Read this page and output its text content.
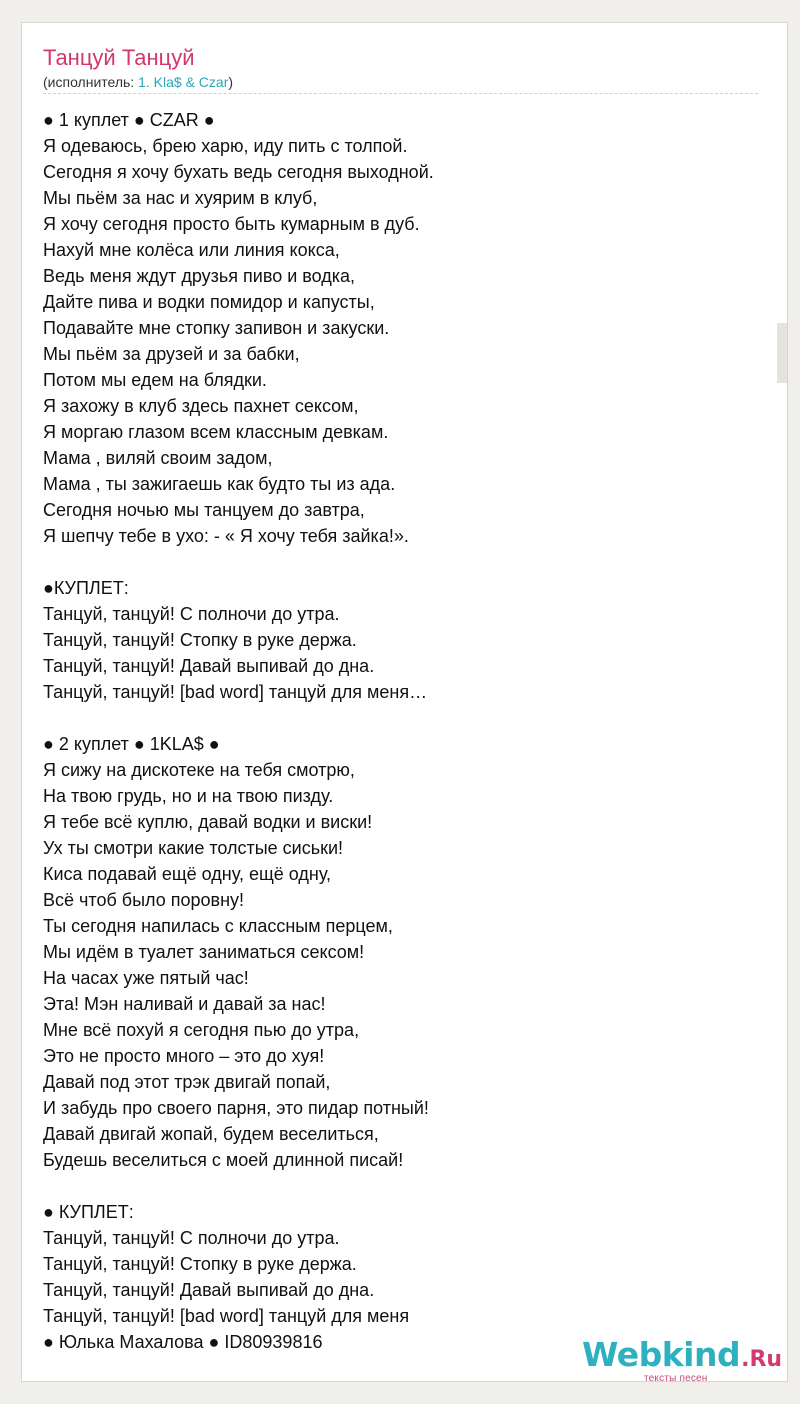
Танцуй Танцуй
(исполнитель: 1. Kla$ & Czar)
● 1 куплет ● CZAR ●
Я одеваюсь, брею харю, иду пить с толпой.
Сегодня я хочу бухать ведь сегодня выходной.
Мы пьём за нас и хуярим в клуб,
Я хочу сегодня просто быть кумарным в дуб.
Нахуй мне колёса или линия кокса,
Ведь меня ждут друзья пиво и водка,
Дайте пива и водки помидор и капусты,
Подавайте мне стопку запивон и закуски.
Мы пьём за друзей и за бабки,
Потом мы едем на блядки.
Я захожу в клуб здесь пахнет сексом,
Я моргаю глазом всем классным девкам.
Мама , виляй своим задом,
Мама , ты зажигаешь как будто ты из ада.
Сегодня ночью мы танцуем до завтра,
Я шепчу тебе в ухо: - « Я хочу тебя зайка!».
●КУПЛЕТ:
Танцуй, танцуй! С полночи до утра.
Танцуй, танцуй! Стопку в руке держа.
Танцуй, танцуй! Давай выпивай до дна.
Танцуй, танцуй! [bad word] танцуй для меня…
● 2 куплет ● 1KLA$ ●
Я сижу на дискотеке на тебя смотрю,
На твою грудь, но и на твою пизду.
Я тебе всё куплю, давай водки и виски!
Ух ты смотри какие толстые сиськи!
Киса подавай ещё одну, ещё одну,
Всё чтоб было поровну!
Ты сегодня напилась с классным перцем,
Мы идём в туалет заниматься сексом!
На часах уже пятый час!
Эта! Мэн наливай и давай за нас!
Мне всё похуй я сегодня пью до утра,
Это не просто много – это до хуя!
Давай под этот трэк двигай попай,
И забудь про своего парня, это пидар потный!
Давай двигай жопай, будем веселиться,
Будешь веселиться с моей длинной писай!
● КУПЛЕТ:
Танцуй, танцуй! С полночи до утра.
Танцуй, танцуй! Стопку в руке держа.
Танцуй, танцуй! Давай выпивай до дна.
Танцуй, танцуй! [bad word] танцуй для меня
● Юлька Махалова ● ID80939816	Webkind.Ru
тексты песен
